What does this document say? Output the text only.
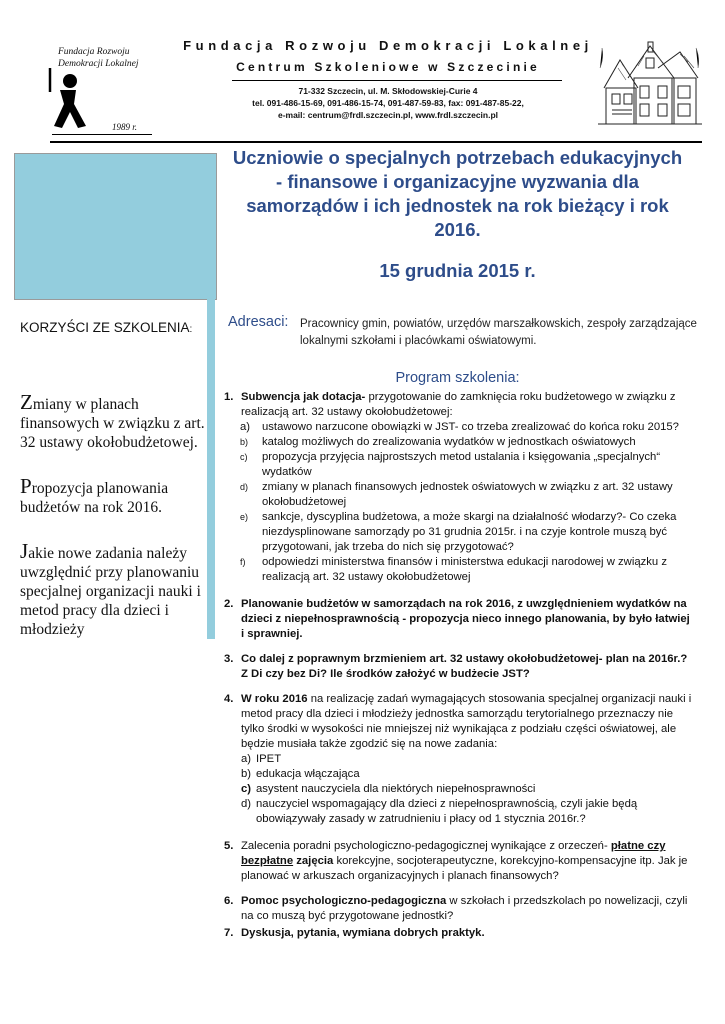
Fundacja Rozwoju Demokracji Lokalnej
1989 r.
Fundacja Rozwoju Demokracji Lokalnej
Centrum Szkoleniowe w Szczecinie
71-332 Szczecin, ul. M. Skłodowskiej-Curie 4
tel. 091-486-15-69, 091-486-15-74, 091-487-59-83, fax: 091-487-85-22,
e-mail: centrum@frdl.szczecin.pl, www.frdl.szczecin.pl

KORZYŚCI ZE SZKOLENIA:

Zmiany w planach finansowych w związku z art. 32 ustawy okołobudżetowej.

Propozycja planowania budżetów na rok 2016.

Jakie nowe zadania należy uwzględnić przy planowaniu specjalnej organizacji nauki i metod pracy dla dzieci i młodzieży

Uczniowie o specjalnych potrzebach edukacyjnych - finansowe i organizacyjne wyzwania dla samorządów i ich jednostek na rok bieżący i rok 2016.
15 grudnia 2015 r.
Adresaci: Pracownicy gmin, powiatów, urzędów marszałkowskich, zespoły zarządzające lokalnymi szkołami i placówkami oświatowymi.
Program szkolenia:
1. Subwencja jak dotacja- przygotowanie do zamknięcia roku budżetowego w związku z realizacją art. 32 ustawy okołobudżetowej:
a) ustawowo narzucone obowiązki w JST- co trzeba zrealizować do końca roku 2015?
b) katalog możliwych do zrealizowania wydatków w jednostkach oświatowych
c) propozycja przyjęcia najprostszych metod ustalania i księgowania „specjalnych“ wydatków
d) zmiany w planach finansowych jednostek oświatowych w związku z art. 32 ustawy okołobudżetowej
e) sankcje, dyscyplina budżetowa, a może skargi na działalność włodarzy?- Co czeka niezdysplinowane samorządy po 31 grudnia 2015r. i na czyje kontrole muszą być przygotowani, jak trzeba do nich się przygotować?
f) odpowiedzi ministerstwa finansów i ministerstwa edukacji narodowej w związku z realizacją art. 32 ustawy okołobudżetowej
2. Planowanie budżetów w samorządach na rok 2016, z uwzględnieniem wydatków na dzieci z niepełnosprawnością - propozycja nieco innego planowania, by było łatwiej i sprawniej.
3. Co dalej z poprawnym brzmieniem art. 32 ustawy okołobudżetowej- plan na 2016r.? Z Di czy bez Di? Ile środków założyć w budżecie JST?
4. W roku 2016 na realizację zadań wymagających stosowania specjalnej organizacji nauki i metod pracy dla dzieci i młodzieży jednostka samorządu terytorialnego przeznaczy nie tylko środki w wysokości nie mniejszej niż wynikająca z podziału części oświatowej, ale będzie musiała także zgodzić się na nowe zadania:
a) IPET
b) edukacja włączająca
c) asystent nauczyciela dla niektórych niepełnosprawności
d) nauczyciel wspomagający dla dzieci z niepełnosprawnością, czyli jakie będą obowiązywały zasady w zatrudnieniu i płacy od 1 stycznia 2016r.?
5. Zalecenia poradni psychologiczno-pedagogicznej wynikające z orzeczeń- płatne czy bezpłatne zajęcia korekcyjne, socjoterapeutyczne, korekcyjno-kompensacyjne itp. Jak je planować w arkuszach organizacyjnych i planach finansowych?
6. Pomoc psychologiczno-pedagogiczna w szkołach i przedszkolach po nowelizacji, czyli na co muszą być przygotowane jednostki?
7. Dyskusja, pytania, wymiana dobrych praktyk.
